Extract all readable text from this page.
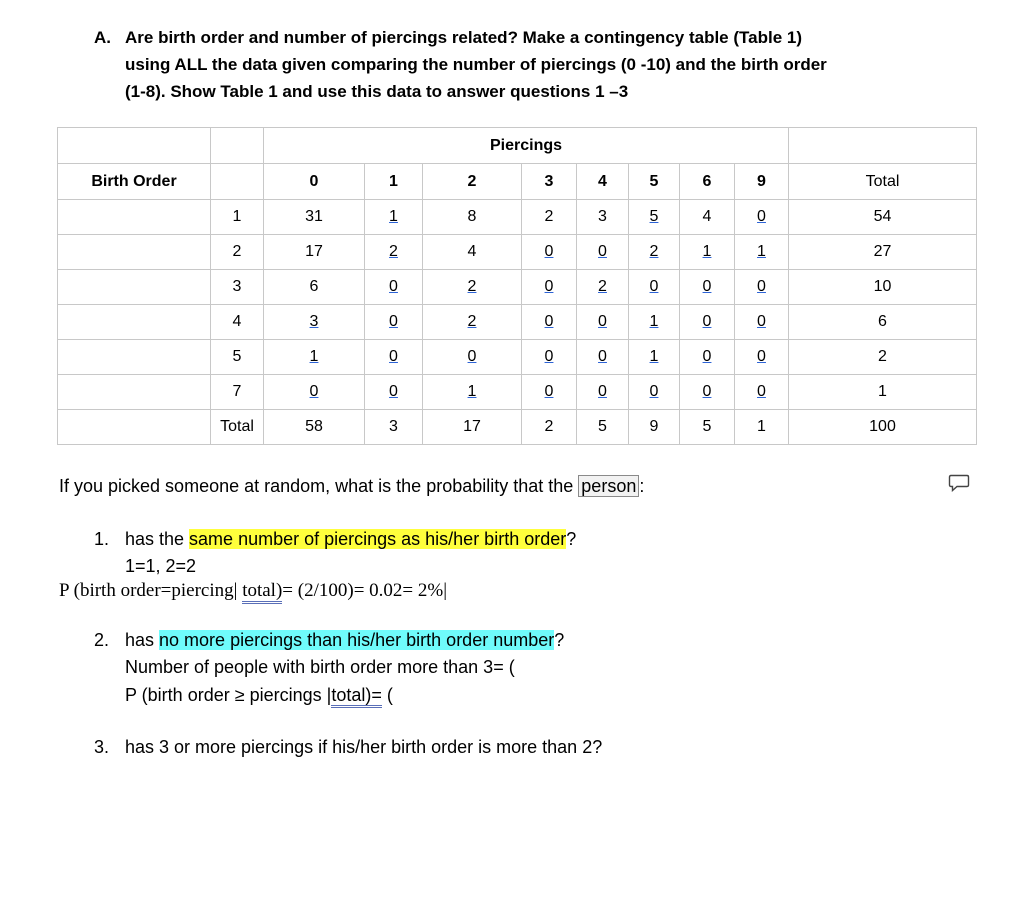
A. Are birth order and number of piercings related? Make a contingency table (Table 1)
using ALL the data given comparing the number of piercings (0 -10) and the birth order
(1-8). Show Table 1 and use this data to answer questions 1 –3
		Piercings								
Birth Order		0	1	2	3	4	5	6	9	Total
	1	31	1	8	2	3	5	4	0	54
	2	17	2	4	0	0	2	1	1	27
	3	6	0	2	0	2	0	0	0	10
	4	3	0	2	0	0	1	0	0	6
	5	1	0	0	0	0	1	0	0	2
	7	0	0	1	0	0	0	0	0	1
	Total	58	3	17	2	5	9	5	1	100
If you picked someone at random, what is the probability that the person :
1. has the same number of piercings as his/her birth order?
1=1, 2=2
P (birth order=piercing| total)= (2/100)= 0.02= 2%|
2. has no more piercings than his/her birth order number?
Number of people with birth order more than 3= (
P (birth order ≥ piercings |total)= (
3. has 3 or more piercings if his/her birth order is more than 2?
